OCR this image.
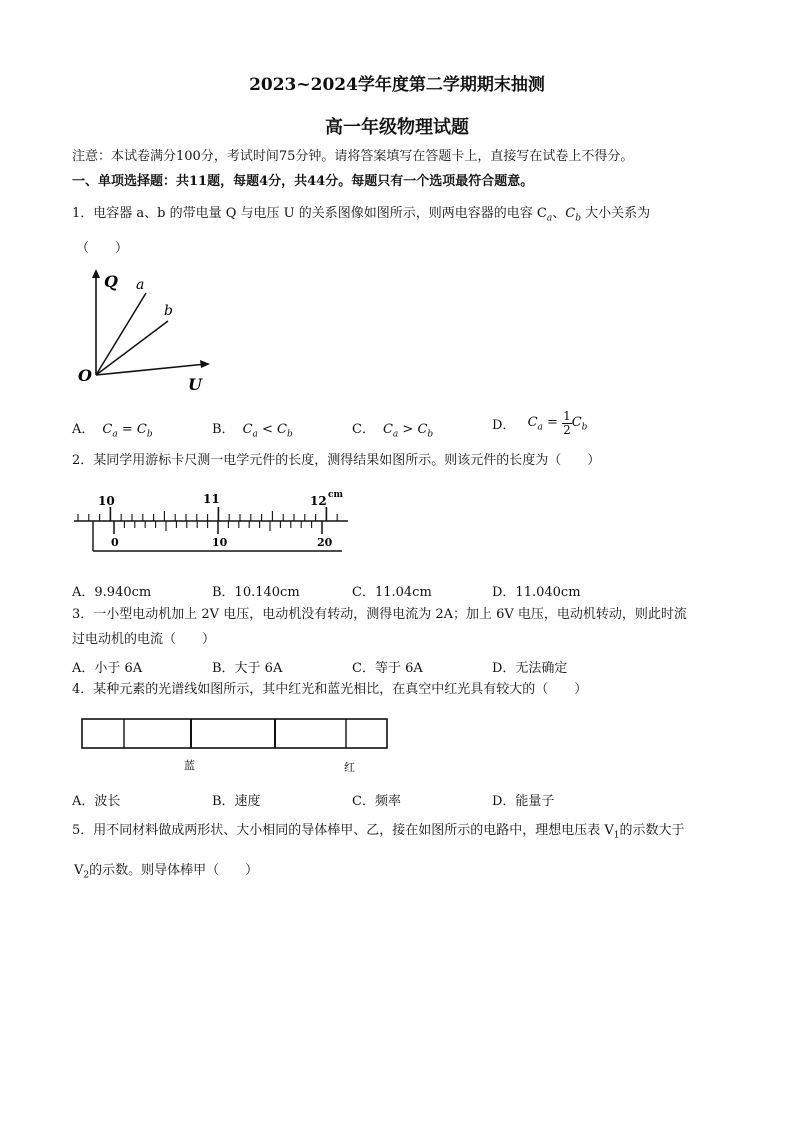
2023~2024学年度第二学期期末抽测
高一年级物理试题
注意：本试卷满分100分，考试时间75分钟。请将答案填写在答题卡上，直接写在试卷上不得分。
一、单项选择题：共11题，每题4分，共44分。每题只有一个选项最符合题意。
1．电容器 a、b 的带电量 Q 与电压 U 的关系图像如图所示，则两电容器的电容 $C_a$、$C_b$ 大小关系为
（　　）
Q a
b
O	U
A． $C_a = C_b$	B． $C_a < C_b$	C． $C_a > C_b$
D． $C_a = \frac{1}{2} C_b$
2．某同学用游标卡尺测一电学元件的长度，测得结果如图所示。则该元件的长度为（　　）
10	11	12 cm
0	10	20
A．9.940cm	B．10.140cm	C．11.04cm	D．11.040cm
3．一小型电动机加上 2V 电压，电动机没有转动，测得电流为 2A；加上 6V 电压，电动机转动，则此时流
过电动机的电流（　　）
A．小于 6A	B．大于 6A	C．等于 6A	D．无法确定
4．某种元素的光谱线如图所示，其中红光和蓝光相比，在真空中红光具有较大的（　　）
蓝	红
A．波长	B．速度	C．频率	D．能量子
5．用不同材料做成两形状、大小相同的导体棒甲、乙，接在如图所示的电路中，理想电压表 $V_1$的示数大于
$V_2$的示数。则导体棒甲（　　）
